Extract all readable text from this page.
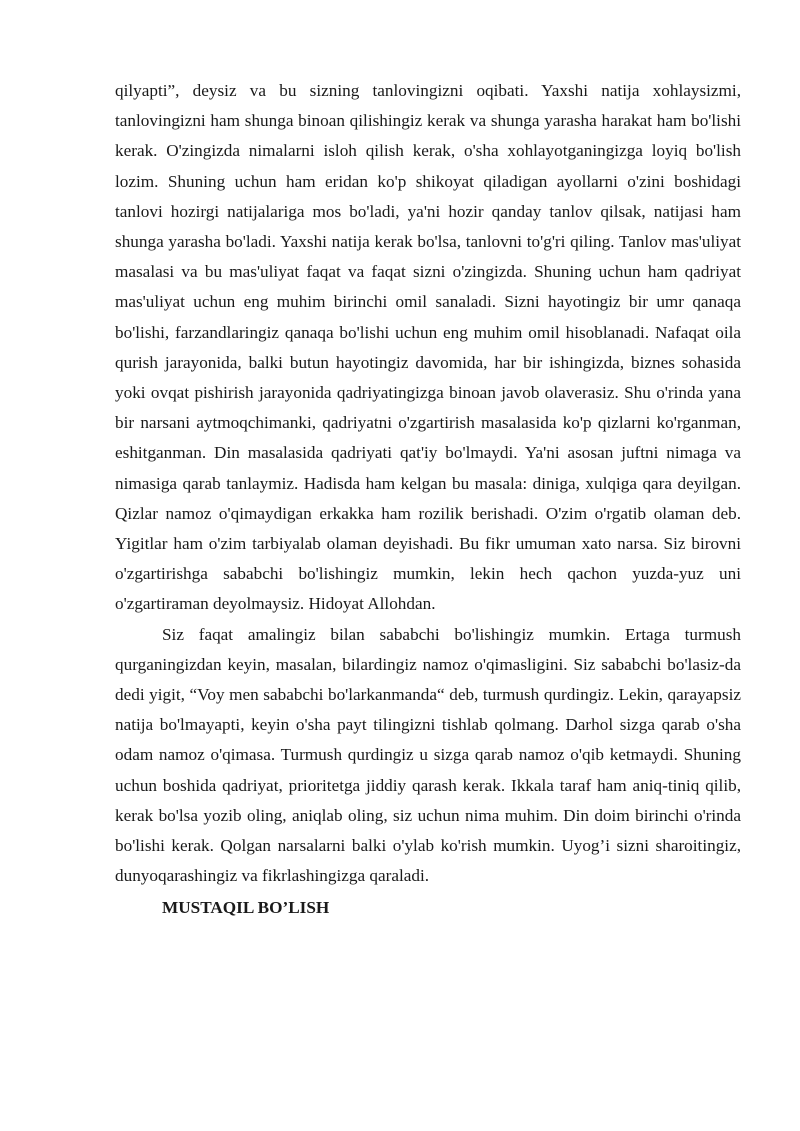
qilyapti”, deysiz va bu sizning tanlovingizni oqibati. Yaxshi natija xohlaysizmi, tanlovingizni ham shunga binoan qilishingiz kerak va shunga yarasha harakat ham bo'lishi kerak. O'zingizda nimalarni isloh qilish kerak, o'sha xohlayotganingizga loyiq bo'lish lozim. Shuning uchun ham eridan ko'p shikoyat qiladigan ayollarni o'zini boshidagi tanlovi hozirgi natijalariga mos bo'ladi, ya'ni hozir qanday tanlov qilsak, natijasi ham shunga yarasha bo'ladi. Yaxshi natija kerak bo'lsa, tanlovni to'g'ri qiling. Tanlov mas'uliyat masalasi va bu mas'uliyat faqat va faqat sizni o'zingizda. Shuning uchun ham qadriyat mas'uliyat uchun eng muhim birinchi omil sanaladi. Sizni hayotingiz bir umr qanaqa bo'lishi, farzandlaringiz qanaqa bo'lishi uchun eng muhim omil hisoblanadi. Nafaqat oila qurish jarayonida, balki butun hayotingiz davomida, har bir ishingizda, biznes sohasida yoki ovqat pishirish jarayonida qadriyatingizga binoan javob olaverasiz. Shu o'rinda yana bir narsani aytmoqchimanki, qadriyatni o'zgartirish masalasida ko'p qizlarni ko'rganman, eshitganman. Din masalasida qadriyati qat'iy bo'lmaydi. Ya'ni asosan juftni nimaga va nimasiga qarab tanlaymiz. Hadisda ham kelgan bu masala: diniga, xulqiga qara deyilgan. Qizlar namoz o'qimaydigan erkakka ham rozilik berishadi. O'zim o'rgatib olaman deb. Yigitlar ham o'zim tarbiyalab olaman deyishadi. Bu fikr umuman xato narsa. Siz birovni o'zgartirishga sababchi bo'lishingiz mumkin, lekin hech qachon yuzda-yuz uni o'zgartiraman deyolmaysiz. Hidoyat Allohdan.

Siz faqat amalingiz bilan sababchi bo'lishingiz mumkin. Ertaga turmush qurganingizdan keyin, masalan, bilardingiz namoz o'qimasligini. Siz sababchi bo'lasiz-da dedi yigit, “Voy men sababchi bo'larkanmanda“ deb, turmush qurdingiz. Lekin, qarayapsiz natija bo'lmayapti, keyin o'sha payt tilingizni tishlab qolmang. Darhol sizga qarab o'sha odam namoz o'qimasa. Turmush qurdingiz u sizga qarab namoz o'qib ketmaydi. Shuning uchun boshida qadriyat, prioritetga jiddiy qarash kerak. Ikkala taraf ham aniq-tiniq qilib, kerak bo'lsa yozib oling, aniqlab oling, siz uchun nima muhim. Din doim birinchi o'rinda bo'lishi kerak. Qolgan narsalarni balki o'ylab ko'rish mumkin. Uyog’i sizni sharoitingiz, dunyoqarashingiz va fikrlashingizga qaraladi.

MUSTAQIL BO’LISH
